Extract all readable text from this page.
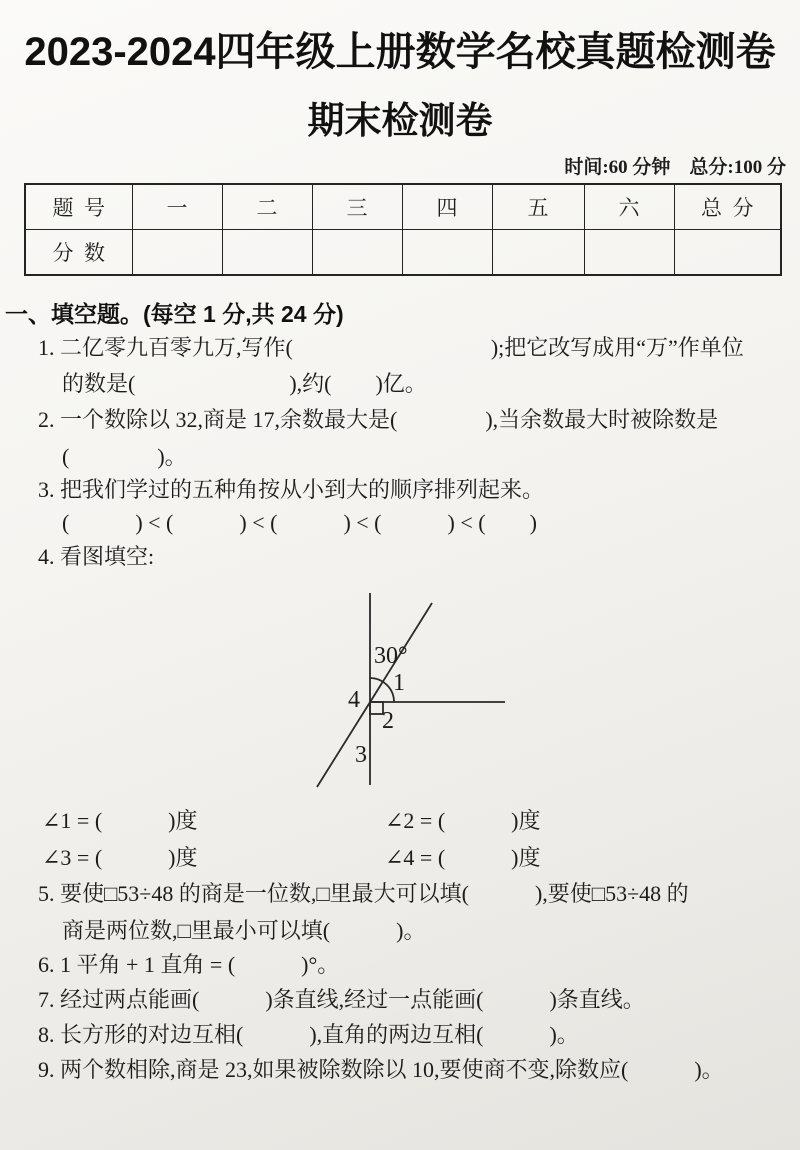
2023-2024四年级上册数学名校真题检测卷
期末检测卷
时间:60 分钟　总分:100 分
题  号	一	二	三	四	五	六	总  分
分  数							
一、填空题。(每空 1 分,共 24 分)
1. 二亿零九百零九万,写作(　　　　　　　　　);把它改写成用“万”作单位
的数是(　　　　　　　),约(　　)亿。
2. 一个数除以 32,商是 17,余数最大是(　　　　),当余数最大时被除数是
(　　　　)。
3. 把我们学过的五种角按从小到大的顺序排列起来。
(　　　) < (　　　) < (　　　) < (　　　) < (　　)
4. 看图填空:
30°
1
2
3
4
∠1 = (　　　)度	∠2 = (　　　)度
∠3 = (　　　)度	∠4 = (　　　)度
5. 要使□53÷48 的商是一位数,□里最大可以填(　　　),要使□53÷48 的
商是两位数,□里最小可以填(　　　)。
6. 1 平角 + 1 直角 = (　　　)°。
7. 经过两点能画(　　　)条直线,经过一点能画(　　　)条直线。
8. 长方形的对边互相(　　　),直角的两边互相(　　　)。
9. 两个数相除,商是 23,如果被除数除以 10,要使商不变,除数应(　　　)。
